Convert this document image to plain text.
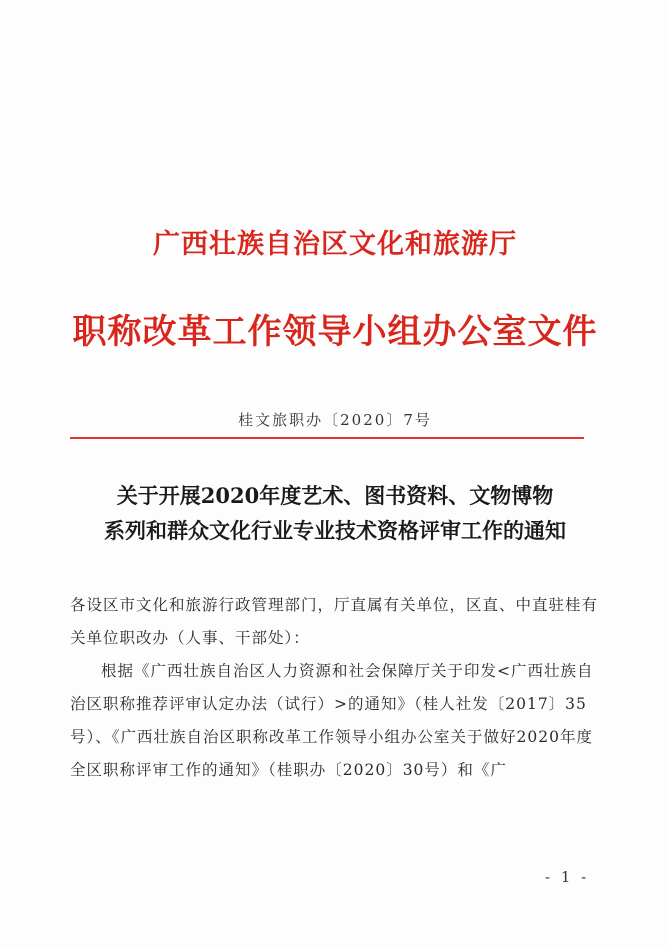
广西壮族自治区文化和旅游厅
职称改革工作领导小组办公室文件
桂文旅职办〔2020〕7号
关于开展2020年度艺术、图书资料、文物博物
系列和群众文化行业专业技术资格评审工作的通知
各设区市文化和旅游行政管理部门，厅直属有关单位，区直、中直驻桂有关单位职改办（人事、干部处）：
根据《广西壮族自治区人力资源和社会保障厅关于印发<广西壮族自治区职称推荐评审认定办法（试行）>的通知》（桂人社发〔2017〕35号）、《广西壮族自治区职称改革工作领导小组办公室关于做好2020年度全区职称评审工作的通知》（桂职办〔2020〕30号）和《广
- 1 -
